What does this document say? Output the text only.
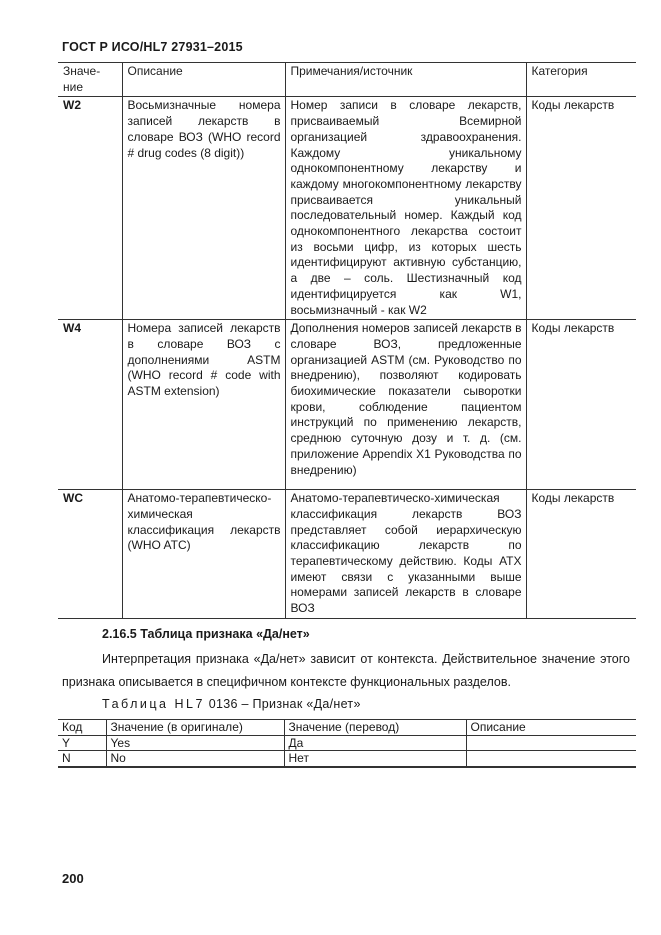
ГОСТ Р ИСО/HL7 27931–2015
Значе-ние	Описание	Примечания/источник	Категория
W2	Восьмизначные номера записей лекарств в словаре ВОЗ (WHO record # drug codes (8 digit))	Номер записи в словаре лекарств, присваиваемый Всемирной организацией здравоохранения. Каждому уникальному однокомпонентному лекарству и каждому многокомпонентному лекарству присваивается уникальный последовательный номер. Каждый код однокомпонентного лекарства состоит из восьми цифр, из которых шесть идентифицируют активную субстанцию, а две – соль. Шестизначный код идентифицируется как W1, восьмизначный - как W2	Коды лекарств
W4	Номера записей лекарств в словаре ВОЗ с дополнениями ASTM (WHO record # code with ASTM extension)	Дополнения номеров записей лекарств в словаре ВОЗ, предложенные организацией ASTM (см. Руководство по внедрению), позволяют кодировать биохимические показатели сыворотки крови, соблюдение пациентом инструкций по применению лекарств, среднюю суточную дозу и т. д. (см. приложение Appendix X1 Руководства по внедрению)	Коды лекарств
WC	Анатомо-терапевтическо-химическая классификация лекарств (WHO ATC)	Анатомо-терапевтическо-химическая классификация лекарств ВОЗ представляет собой иерархическую классификацию лекарств по терапевтическому действию. Коды АТХ имеют связи с указанными выше номерами записей лекарств в словаре ВОЗ	Коды лекарств
2.16.5 Таблица признака «Да/нет»
Интерпретация признака «Да/нет» зависит от контекста. Действительное значение этого признака описывается в специфичном контексте функциональных разделов.
Таблица HL7 0136 – Признак «Да/нет»
Код	Значение (в оригинале)	Значение (перевод)	Описание
Y	Yes	Да	
N	No	Нет	
200
